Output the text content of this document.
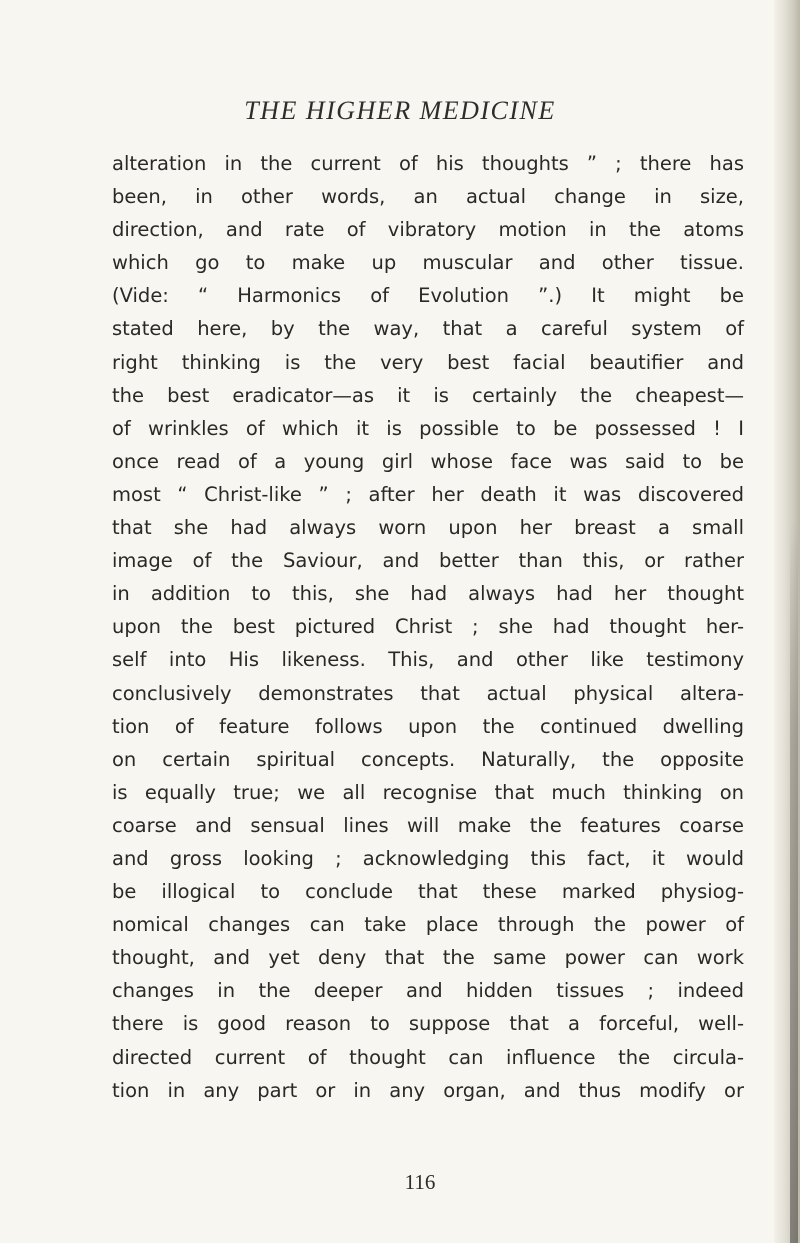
THE HIGHER MEDICINE
alteration in the current of his thoughts ” ; there has
been, in other words, an actual change in size,
direction, and rate of vibratory motion in the atoms
which go to make up muscular and other tissue.
(Vide: “ Harmonics of Evolution ”.) It might be
stated here, by the way, that a careful system of
right thinking is the very best facial beautifier and
the best eradicator—as it is certainly the cheapest—
of wrinkles of which it is possible to be possessed ! I
once read of a young girl whose face was said to be
most “ Christ-like ” ; after her death it was discovered
that she had always worn upon her breast a small
image of the Saviour, and better than this, or rather
in addition to this, she had always had her thought
upon the best pictured Christ ; she had thought her-
self into His likeness. This, and other like testimony
conclusively demonstrates that actual physical altera-
tion of feature follows upon the continued dwelling
on certain spiritual concepts. Naturally, the opposite
is equally true; we all recognise that much thinking on
coarse and sensual lines will make the features coarse
and gross looking ; acknowledging this fact, it would
be illogical to conclude that these marked physiog-
nomical changes can take place through the power of
thought, and yet deny that the same power can work
changes in the deeper and hidden tissues ; indeed
there is good reason to suppose that a forceful, well-
directed current of thought can influence the circula-
tion in any part or in any organ, and thus modify or
116
